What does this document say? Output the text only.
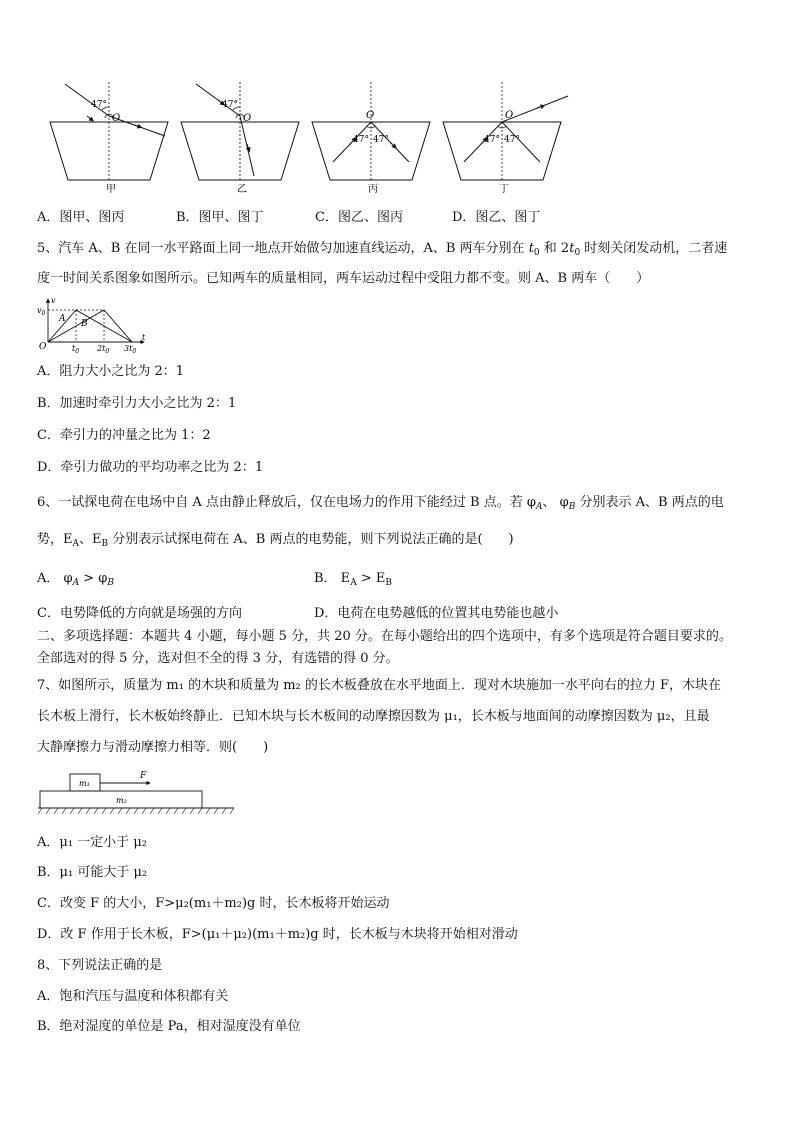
47°
O
47°
O	O
47° 47°
O
47° 47°
甲	乙	丙	丁
A．图甲、图丙	B．图甲、图丁	C．图乙、图丙	D．图乙、图丁
5、汽车 A、B 在同一水平路面上同一地点开始做匀加速直线运动，A、B 两车分别在 $t_0$ 和 $2t_0$ 时刻关闭发动机，二者速
度一时间关系图象如图所示。已知两车的质量相同，两车运动过程中受阻力都不变。则 A、B 两车（　　）
v
t
O
$v_0$
A B
$t_0$ $2t_0$ $3t_0$
A．阻力大小之比为 2：1
B．加速时牵引力大小之比为 2：1
C．牵引力的冲量之比为 1：2
D．牵引力做功的平均功率之比为 2：1
6、一试探电荷在电场中自 A 点由静止释放后，仅在电场力的作用下能经过 B 点。若 $\varphi_A$、 $\varphi_B$ 分别表示 A、B 两点的电
势，$E_A$、$E_B$ 分别表示试探电荷在 A、B 两点的电势能，则下列说法正确的是(　　)
A． $\varphi_A > \varphi_B$	B． $E_A > E_B$
C．电势降低的方向就是场强的方向	D．电荷在电势越低的位置其电势能也越小
二、多项选择题：本题共 4 小题，每小题 5 分，共 20 分。在每小题给出的四个选项中，有多个选项是符合题目要求的。
全部选对的得 5 分，选对但不全的得 3 分，有选错的得 0 分。
7、如图所示，质量为 m₁ 的木块和质量为 m₂ 的长木板叠放在水平地面上．现对木块施加一水平向右的拉力 F，木块在
长木板上滑行，长木板始终静止．已知木块与长木板间的动摩擦因数为 μ₁，长木板与地面间的动摩擦因数为 μ₂，且最
大静摩擦力与滑动摩擦力相等．则(　　)
m₁
m₂
F
A．μ₁ 一定小于 μ₂
B．μ₁ 可能大于 μ₂
C．改变 F 的大小，F>μ₂(m₁＋m₂)g 时，长木板将开始运动
D．改 F 作用于长木板，F>(μ₁＋μ₂)(m₁＋m₂)g 时，长木板与木块将开始相对滑动
8、下列说法正确的是
A．饱和汽压与温度和体积都有关
B．绝对湿度的单位是 Pa，相对湿度没有单位
